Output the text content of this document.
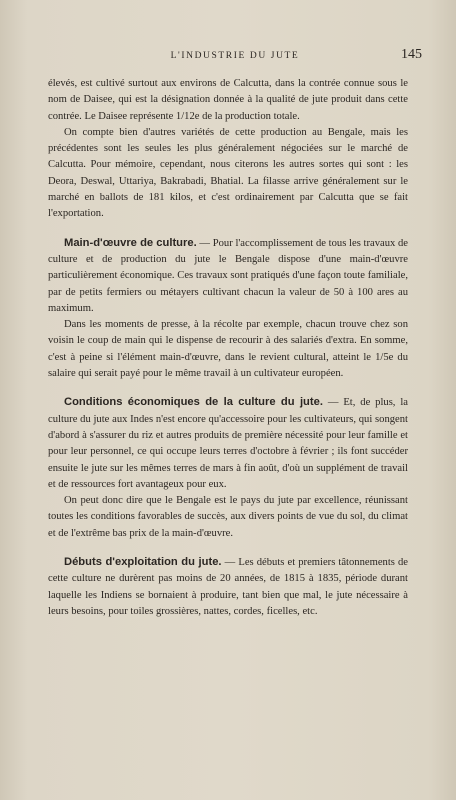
L'INDUSTRIE DU JUTE	145

élevés, est cultivé surtout aux environs de Calcutta, dans la contrée connue sous le nom de Daisee, qui est la désignation donnée à la qualité de jute produit dans cette contrée. Le Daisee représente 1/12e de la production totale.

On compte bien d'autres variétés de cette production au Bengale, mais les précédentes sont les seules les plus généralement négociées sur le marché de Calcutta. Pour mémoire, cependant, nous citerons les autres sortes qui sont : les Deora, Deswal, Uttariya, Bakrabadi, Bhatial. La filasse arrive généralement sur le marché en ballots de 181 kilos, et c'est ordinairement par Calcutta que se fait l'exportation.

Main-d'œuvre de culture. — Pour l'accomplissement de tous les travaux de culture et de production du jute le Bengale dispose d'une main-d'œuvre particulièrement économique. Ces travaux sont pratiqués d'une façon toute familiale, par de petits fermiers ou métayers cultivant chacun la valeur de 50 à 100 ares au maximum.

Dans les moments de presse, à la récolte par exemple, chacun trouve chez son voisin le coup de main qui le dispense de recourir à des salariés d'extra. En somme, c'est à peine si l'élément main-d'œuvre, dans le revient cultural, atteint le 1/5e du salaire qui serait payé pour le même travail à un cultivateur européen.

Conditions économiques de la culture du jute. — Et, de plus, la culture du jute aux Indes n'est encore qu'accessoire pour les cultivateurs, qui songent d'abord à s'assurer du riz et autres produits de première nécessité pour leur famille et pour leur personnel, ce qui occupe leurs terres d'octobre à février ; ils font succéder ensuite le jute sur les mêmes terres de mars à fin août, d'où un supplément de travail et de ressources fort avantageux pour eux.

On peut donc dire que le Bengale est le pays du jute par excellence, réunissant toutes les conditions favorables de succès, aux divers points de vue du sol, du climat et de l'extrême bas prix de la main-d'œuvre.

Débuts d'exploitation du jute. — Les débuts et premiers tâtonnements de cette culture ne durèrent pas moins de 20 années, de 1815 à 1835, période durant laquelle les Indiens se bornaient à produire, tant bien que mal, le jute nécessaire à leurs besoins, pour toiles grossières, nattes, cordes, ficelles, etc.
